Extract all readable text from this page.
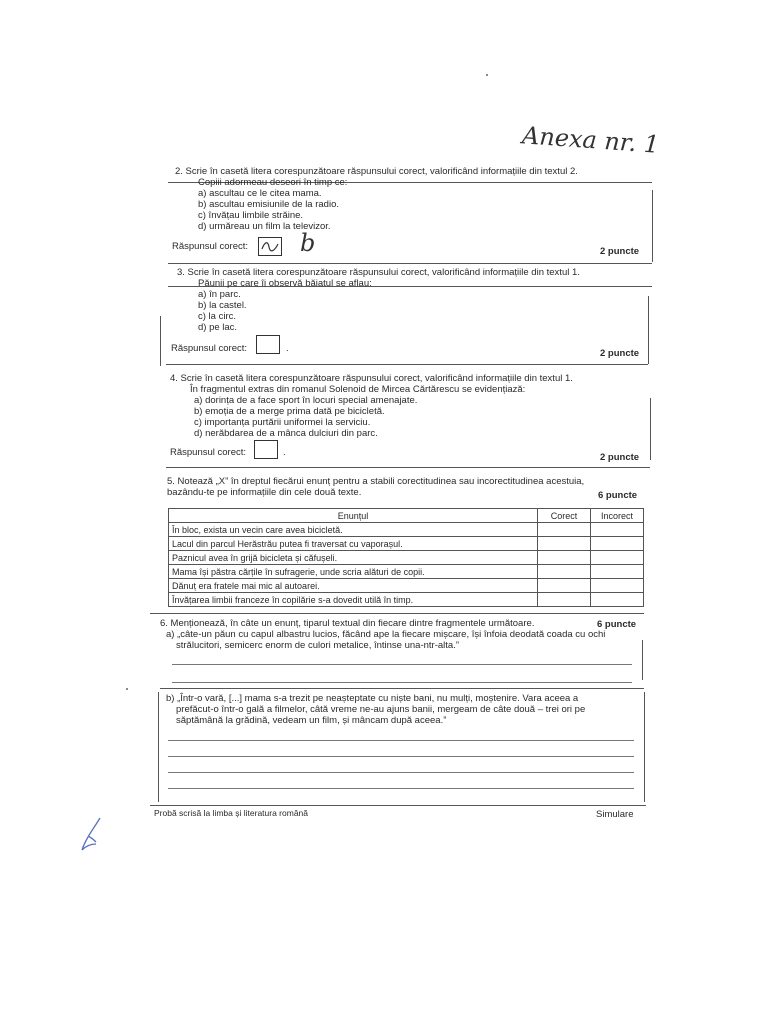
Anexa nr. 1
2. Scrie în casetă litera corespunzătoare răspunsului corect, valorificând informațiile din textul 2.
Copiii adormeau deseori în timp ce:
a) ascultau ce le citea mama.
b) ascultau emisiunile de la radio.
c) învățau limbile străine.
d) urmăreau un film la televizor.
Răspunsul corect: b	2 puncte
3. Scrie în casetă litera corespunzătoare răspunsului corect, valorificând informațiile din textul 1.
Păunii pe care îi observă băiatul se aflau:
a) în parc.
b) la castel.
c) la circ.
d) pe lac.
Răspunsul corect:	.	2 puncte
4. Scrie în casetă litera corespunzătoare răspunsului corect, valorificând informațiile din textul 1.
În fragmentul extras din romanul Solenoid de Mircea Cărtărescu se evidențiază:
a) dorința de a face sport în locuri special amenajate.
b) emoția de a merge prima dată pe bicicletă.
c) importanța purtării uniformei la serviciu.
d) nerăbdarea de a mânca dulciuri din parc.
Răspunsul corect:	.	2 puncte
5. Notează „X” în dreptul fiecărui enunț pentru a stabili corectitudinea sau incorectitudinea acestuia,
bazându-te pe informațiile din cele două texte.	6 puncte
Enunțul	Corect	Incorect
În bloc, exista un vecin care avea bicicletă.		
Lacul din parcul Herăstrău putea fi traversat cu vaporașul.		
Paznicul avea în grijă bicicleta și căfușeli.		
Mama își păstra cărțile în sufragerie, unde scria alături de copii.		
Dănuț era fratele mai mic al autoarei.		
Învățarea limbii franceze în copilărie s-a dovedit utilă în timp.		
6. Menționează, în câte un enunț, tiparul textual din fiecare dintre fragmentele următoare.	6 puncte
a) „câte-un păun cu capul albastru lucios, făcând ape la fiecare mișcare, își înfoia deodată coada cu ochi
strălucitori, semicerc enorm de culori metalice, întinse una-ntr-alta.”
b) „Într-o vară, [...] mama s-a trezit pe neașteptate cu niște bani, nu mulți, moștenire. Vara aceea a
prefăcut-o într-o gală a filmelor, câtă vreme ne-au ajuns banii, mergeam de câte două – trei ori pe
săptămână la grădină, vedeam un film, și mâncam după aceea.”
Probă scrisă la limba și literatura română	Simulare
